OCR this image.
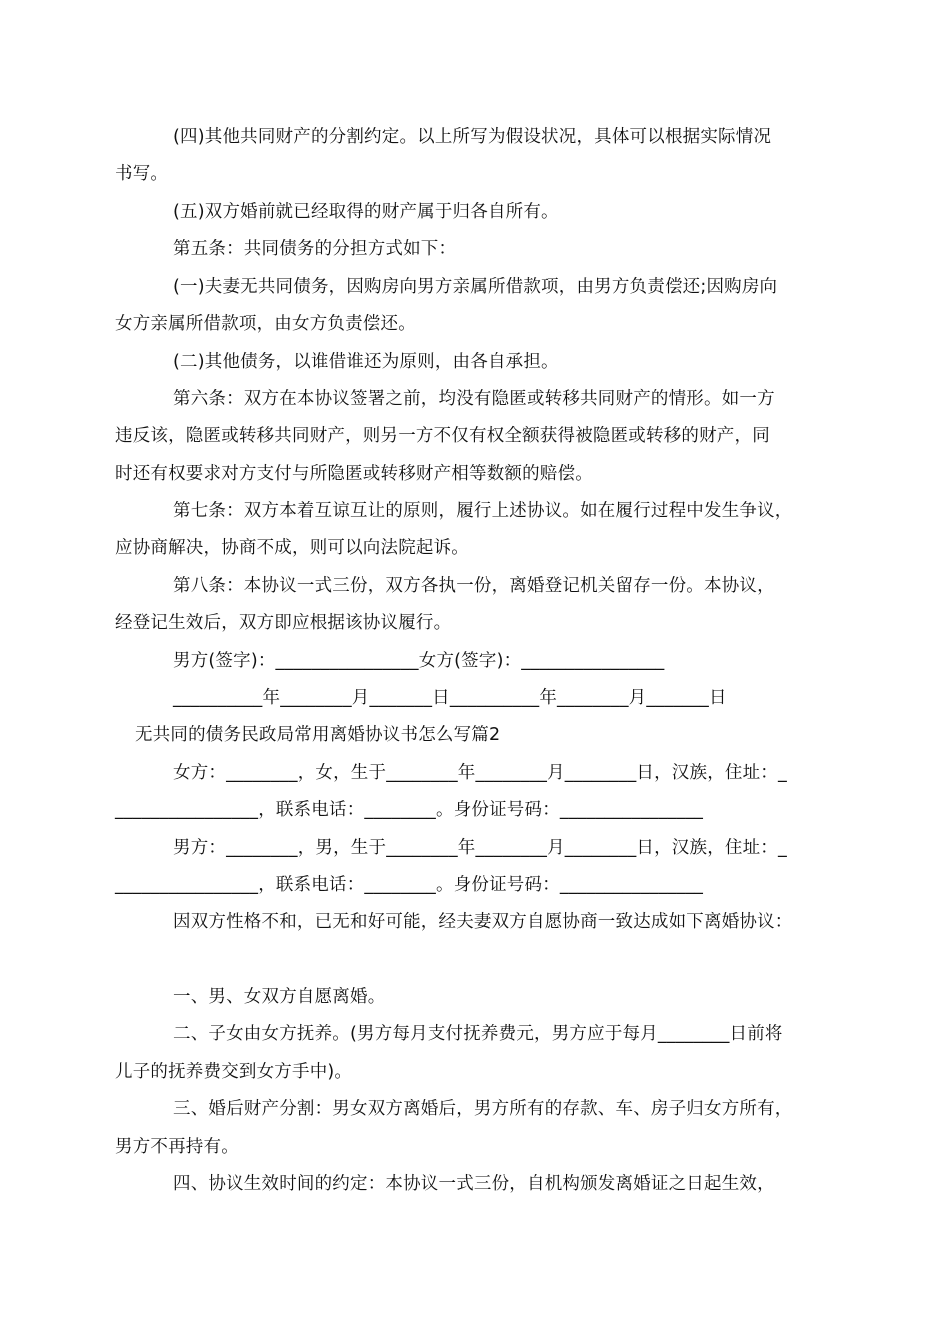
(四)其他共同财产的分割约定。以上所写为假设状况，具体可以根据实际情况
书写。
(五)双方婚前就已经取得的财产属于归各自所有。
第五条：共同债务的分担方式如下：
(一)夫妻无共同债务，因购房向男方亲属所借款项，由男方负责偿还;因购房向
女方亲属所借款项，由女方负责偿还。
(二)其他债务，以谁借谁还为原则，由各自承担。
第六条：双方在本协议签署之前，均没有隐匿或转移共同财产的情形。如一方
违反该，隐匿或转移共同财产，则另一方不仅有权全额获得被隐匿或转移的财产，同
时还有权要求对方支付与所隐匿或转移财产相等数额的赔偿。
第七条：双方本着互谅互让的原则，履行上述协议。如在履行过程中发生争议，
应协商解决，协商不成，则可以向法院起诉。
第八条：本协议一式三份，双方各执一份，离婚登记机关留存一份。本协议，
经登记生效后，双方即应根据该协议履行。
男方(签字)：________________女方(签字)：________________
__________年________月_______日__________年________月_______日
无共同的债务民政局常用离婚协议书怎么写篇2
女方：________，女，生于________年________月________日，汉族，住址：_
________________，联系电话：________。身份证号码：________________
男方：________，男，生于________年________月________日，汉族，住址：_
________________，联系电话：________。身份证号码：________________
因双方性格不和，已无和好可能，经夫妻双方自愿协商一致达成如下离婚协议：
一、男、女双方自愿离婚。
二、子女由女方抚养。(男方每月支付抚养费元，男方应于每月________日前将
儿子的抚养费交到女方手中)。
三、婚后财产分割：男女双方离婚后，男方所有的存款、车、房子归女方所有，
男方不再持有。
四、协议生效时间的约定：本协议一式三份，自机构颁发离婚证之日起生效，
